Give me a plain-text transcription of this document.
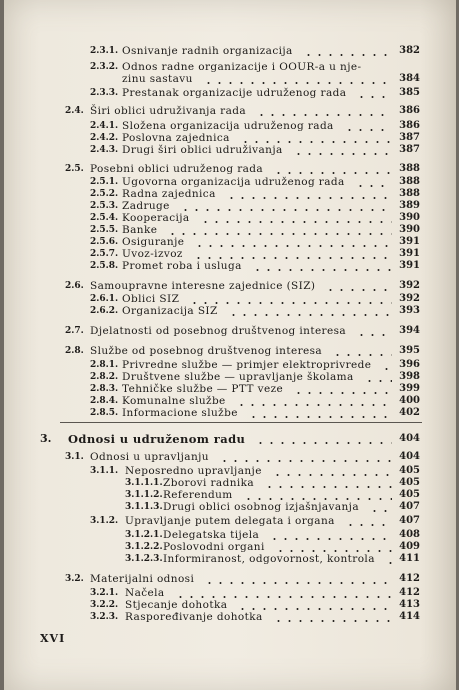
2.3.1. Osnivanje radnih organizacija	382
2.3.2. Odnos radne organizacije i OOUR-a u nje-
zinu sastavu	384
2.3.3. Prestanak organizacije udruženog rada	385
2.4. Širi oblici udruživanja rada	386
2.4.1. Složena organizacija udruženog rada	386
2.4.2. Poslovna zajednica	387
2.4.3. Drugi širi oblici udruživanja	387
2.5. Posebni oblici udruženog rada	388
2.5.1. Ugovorna organizacija udruženog rada	388
2.5.2. Radna zajednica	388
2.5.3. Zadruge	389
2.5.4. Kooperacija	390
2.5.5. Banke	390
2.5.6. Osiguranje	391
2.5.7. Uvoz-izvoz	391
2.5.8. Promet roba i usluga	391
2.6. Samoupravne interesne zajednice (SIZ)	392
2.6.1. Oblici SIZ	392
2.6.2. Organizacija SIZ	393
2.7. Djelatnosti od posebnog društvenog interesa	394
2.8. Službe od posebnog društvenog interesa	395
2.8.1. Privredne službe — primjer elektroprivrede	396
2.8.2. Društvene službe — upravljanje školama	398
2.8.3. Tehničke službe — PTT veze	399
2.8.4. Komunalne službe	400
2.8.5. Informacione službe	402
3. Odnosi u udruženom radu	404
3.1. Odnosi u upravljanju	404
3.1.1. Neposredno upravljanje	405
3.1.1.1. Zborovi radnika	405
3.1.1.2. Referendum	405
3.1.1.3. Drugi oblici osobnog izjašnjavanja	407
3.1.2. Upravljanje putem delegata i organa	407
3.1.2.1. Delegatska tijela	408
3.1.2.2. Poslovodni organi	409
3.1.2.3. Informiranost, odgovornost, kontrola 411
3.2. Materijalni odnosi	412
3.2.1. Načela	412
3.2.2. Stjecanje dohotka	413
3.2.3. Raspoređivanje dohotka	414
XVI
